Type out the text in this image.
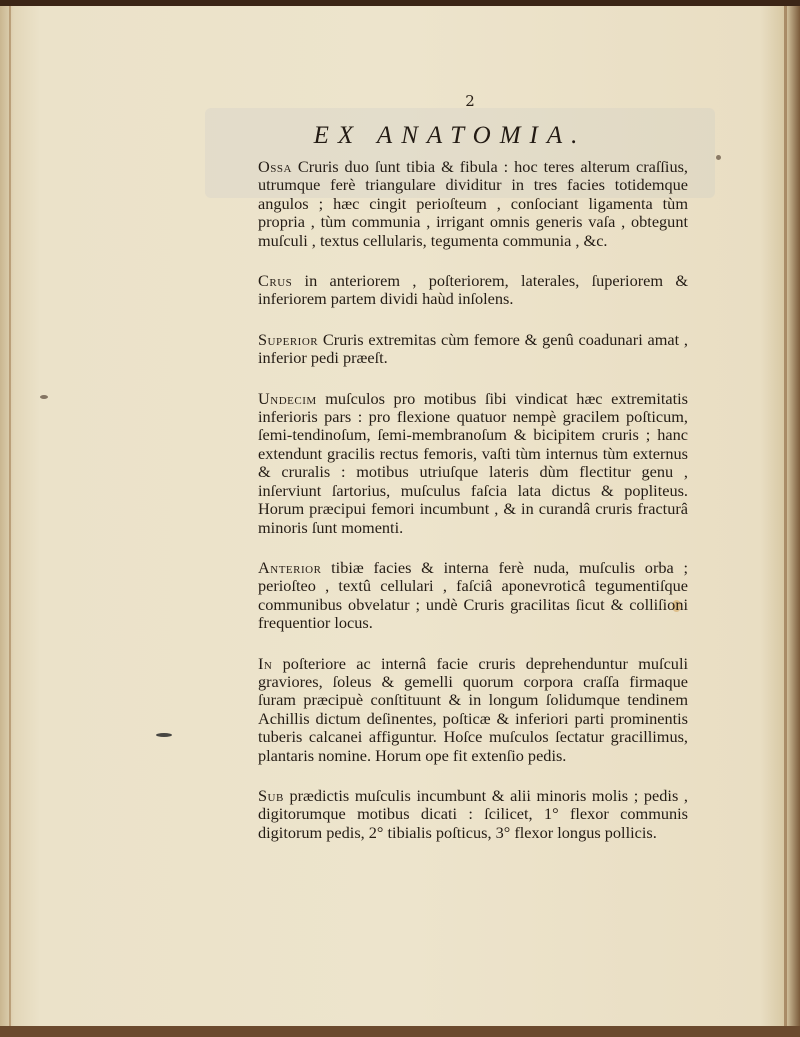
2
EX ANATOMIA.

Ossa Cruris duo ſunt tibia & fibula : hoc teres alterum craſſius, utrumque ferè triangulare dividitur in tres facies totidemque angulos ; hæc cingit perioſteum , conſociant ligamenta tùm propria , tùm communia , irrigant omnis generis vaſa , obtegunt muſculi , textus cellularis, tegumenta communia , &c.

Crus in anteriorem , poſteriorem, laterales, ſuperiorem & inferiorem partem dividi haùd inſolens.

Superior Cruris extremitas cùm femore & genû coadunari amat , inferior pedi præeſt.

Undecim muſculos pro motibus ſibi vindicat hæc extremitatis inferioris pars : pro flexione quatuor nempè gracilem poſticum, ſemi-tendinoſum, ſemi-membranoſum & bicipitem cruris ; hanc extendunt gracilis rectus femoris, vaſti tùm internus tùm externus & cruralis : motibus utriuſque lateris dùm flectitur genu , inſerviunt ſartorius, muſculus faſcia lata dictus & popliteus. Horum præcipui femori incumbunt , & in curandâ cruris fracturâ minoris ſunt momenti.

Anterior tibiæ facies & interna ferè nuda, muſculis orba ; perioſteo , textû cellulari , faſciâ aponevroticâ tegumentiſque communibus obvelatur ; undè Cruris gracilitas ſicut & colliſioni frequentior locus.

In poſteriore ac internâ facie cruris deprehenduntur muſculi graviores, ſoleus & gemelli quorum corpora craſſa firmaque ſuram præcipuè conſtituunt & in longum ſolidumque tendinem Achillis dictum deſinentes, poſticæ & inferiori parti prominentis tuberis calcanei affiguntur. Hoſce muſculos ſectatur gracillimus, plantaris nomine. Horum ope fit extenſio pedis.

Sub prædictis muſculis incumbunt & alii minoris molis ; pedis , digitorumque motibus dicati : ſcilicet, 1° flexor communis digitorum pedis, 2° tibialis poſticus, 3° flexor longus pollicis.
